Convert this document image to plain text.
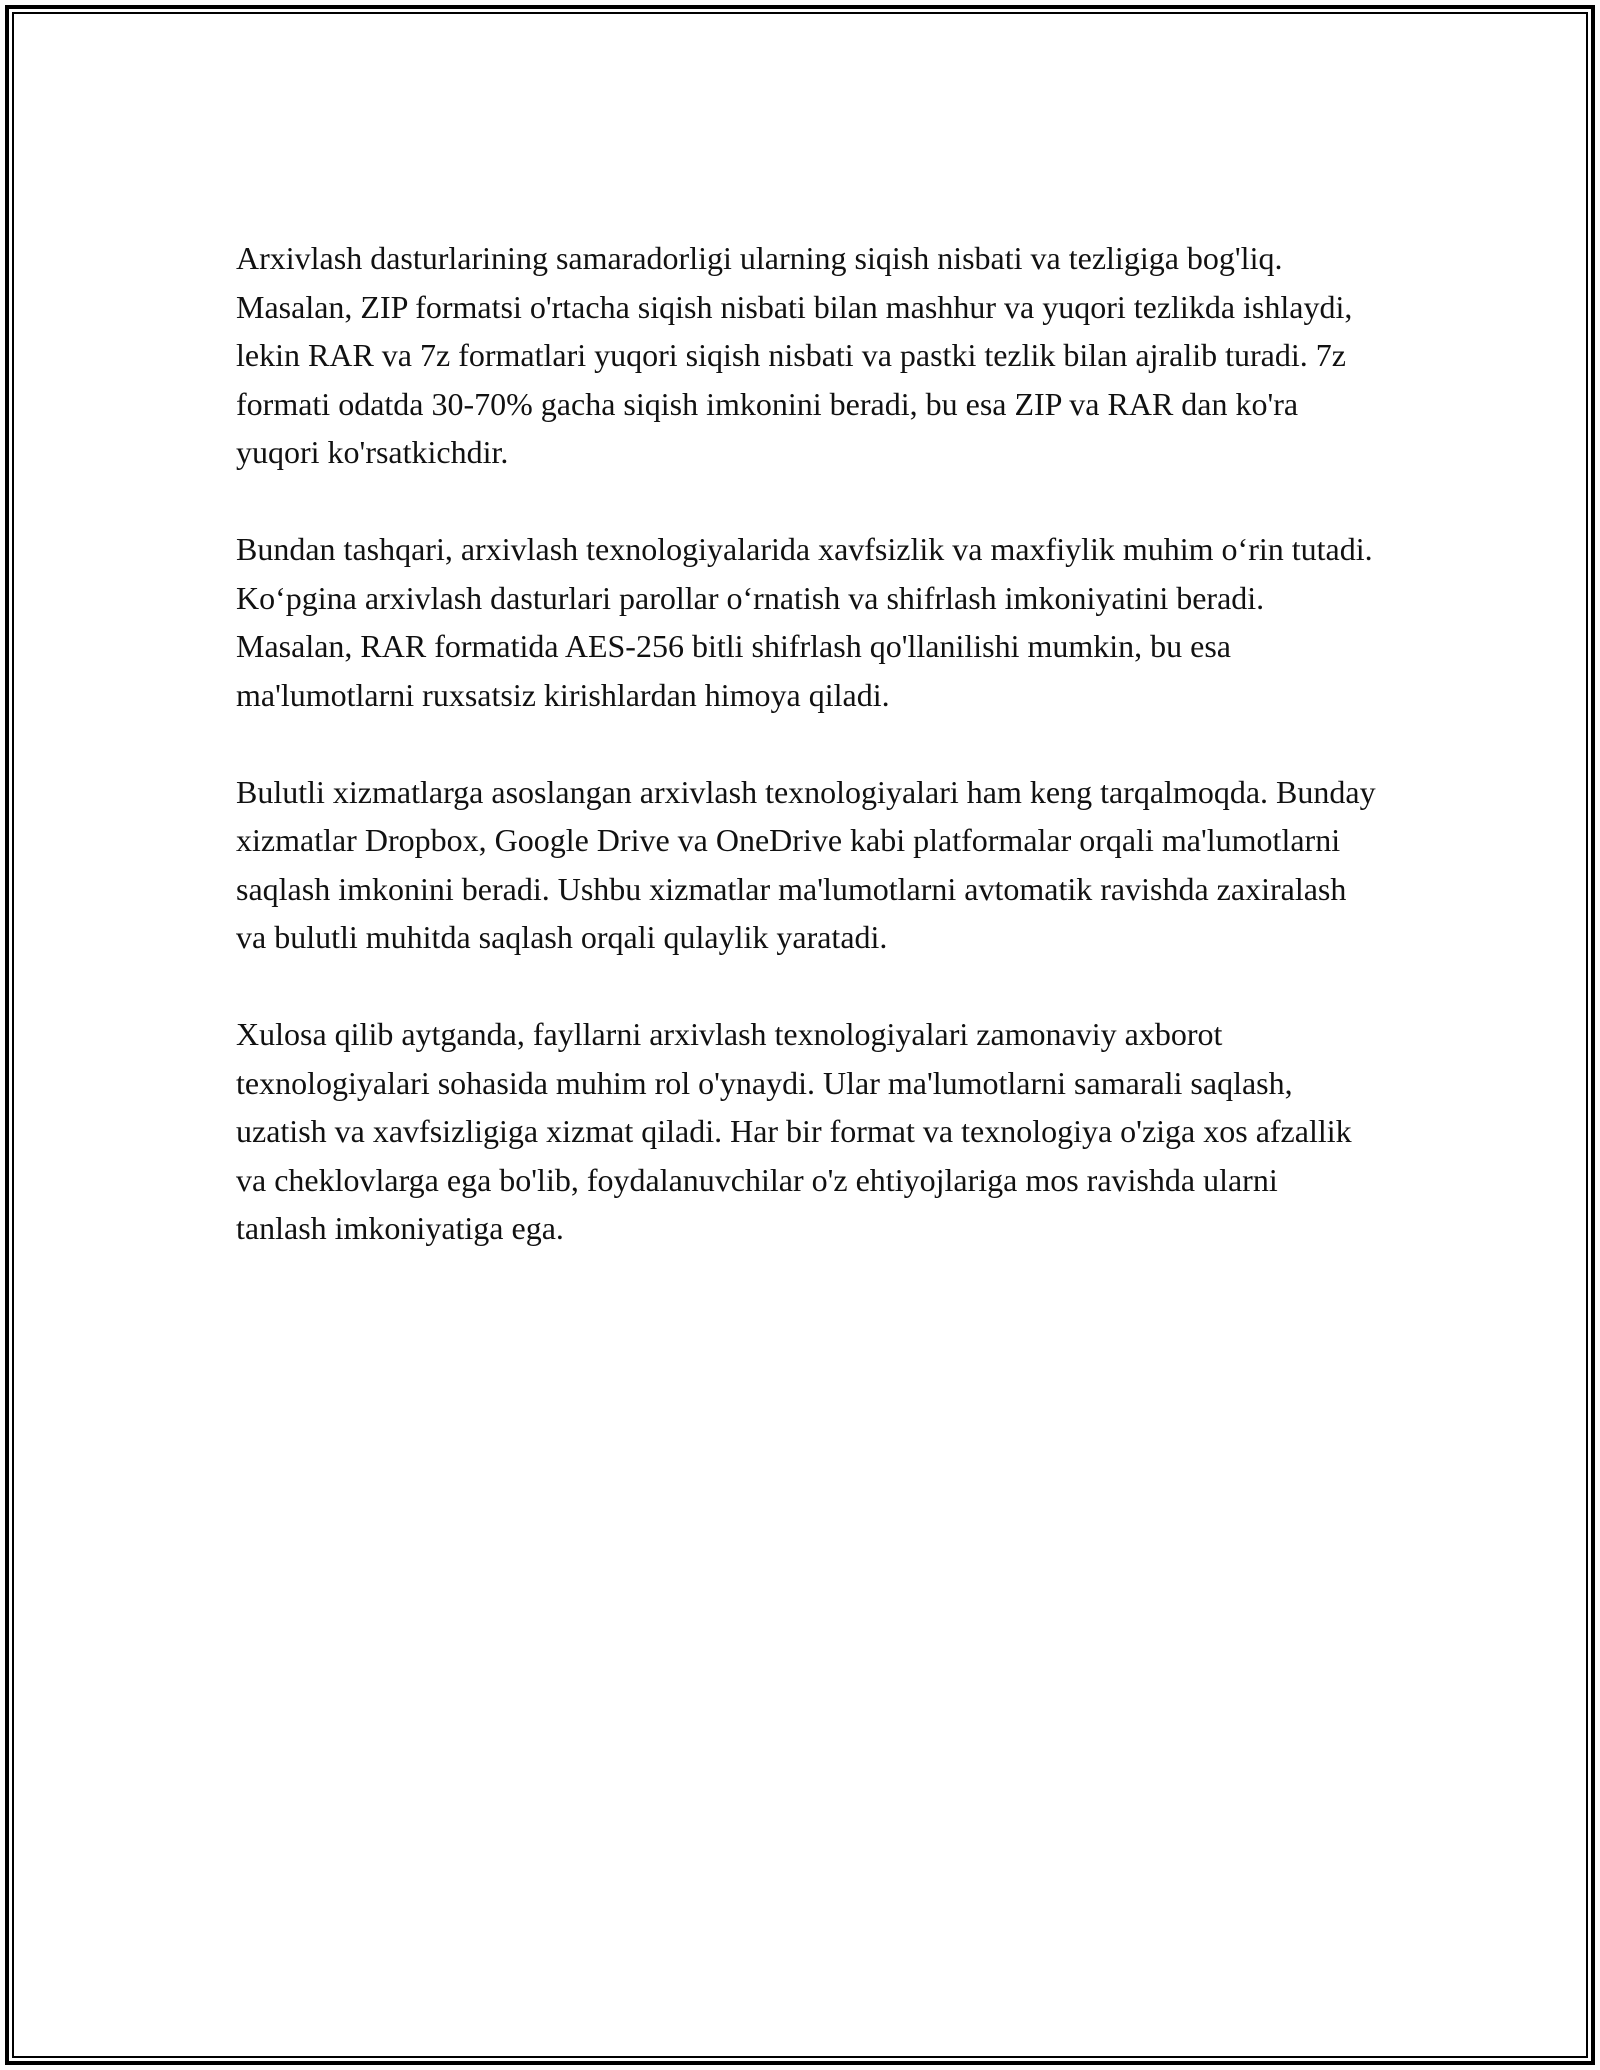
Arxivlash dasturlarining samaradorligi ularning siqish nisbati va tezligiga bog'liq. Masalan, ZIP formatsi o'rtacha siqish nisbati bilan mashhur va yuqori tezlikda ishlaydi, lekin RAR va 7z formatlari yuqori siqish nisbati va pastki tezlik bilan ajralib turadi. 7z formati odatda 30-70% gacha siqish imkonini beradi, bu esa ZIP va RAR dan ko'ra yuqori ko'rsatkichdir.

Bundan tashqari, arxivlash texnologiyalarida xavfsizlik va maxfiylik muhim o‘rin tutadi. Ko‘pgina arxivlash dasturlari parollar o‘rnatish va shifrlash imkoniyatini beradi. Masalan, RAR formatida AES-256 bitli shifrlash qo'llanilishi mumkin, bu esa ma'lumotlarni ruxsatsiz kirishlardan himoya qiladi.

Bulutli xizmatlarga asoslangan arxivlash texnologiyalari ham keng tarqalmoqda. Bunday xizmatlar Dropbox, Google Drive va OneDrive kabi platformalar orqali ma'lumotlarni saqlash imkonini beradi. Ushbu xizmatlar ma'lumotlarni avtomatik ravishda zaxiralash va bulutli muhitda saqlash orqali qulaylik yaratadi.

Xulosa qilib aytganda, fayllarni arxivlash texnologiyalari zamonaviy axborot texnologiyalari sohasida muhim rol o'ynaydi. Ular ma'lumotlarni samarali saqlash, uzatish va xavfsizligiga xizmat qiladi. Har bir format va texnologiya o'ziga xos afzallik va cheklovlarga ega bo'lib, foydalanuvchilar o'z ehtiyojlariga mos ravishda ularni tanlash imkoniyatiga ega.
